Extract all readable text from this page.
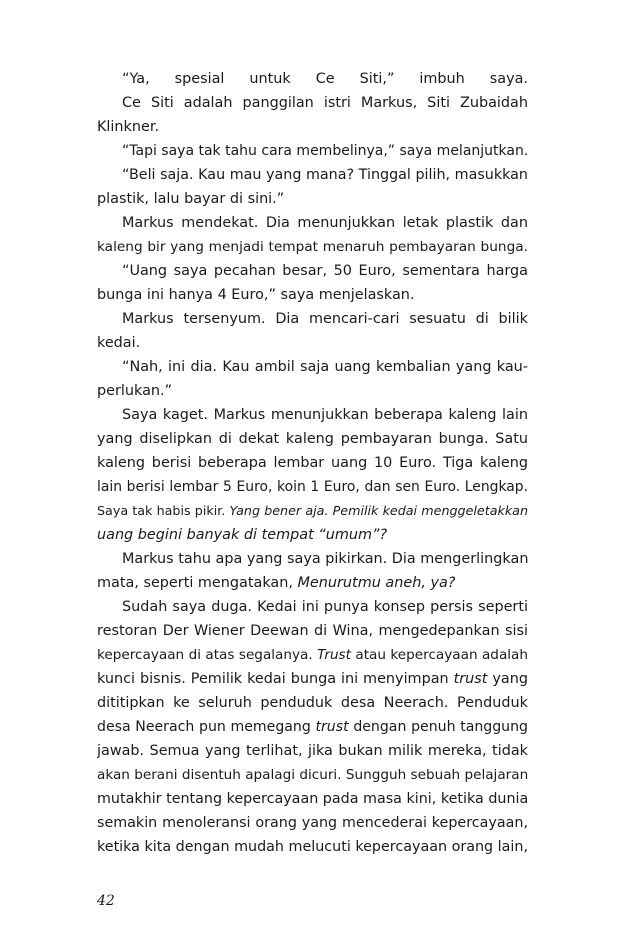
“Ya, spesial untuk Ce Siti,” imbuh saya.
Ce Siti adalah panggilan istri Markus, Siti Zubaidah
Klinkner.
“Tapi saya tak tahu cara membelinya,” saya melanjutkan.
“Beli saja. Kau mau yang mana? Tinggal pilih, masukkan
plastik, lalu bayar di sini.”
Markus mendekat. Dia menunjukkan letak plastik dan
kaleng bir yang menjadi tempat menaruh pembayaran bunga.
“Uang saya pecahan besar, 50 Euro, sementara harga
bunga ini hanya 4 Euro,” saya menjelaskan.
Markus tersenyum. Dia mencari-cari sesuatu di bilik
kedai.
“Nah, ini dia. Kau ambil saja uang kembalian yang kau-
perlukan.”
Saya kaget. Markus menunjukkan beberapa kaleng lain
yang diselipkan di dekat kaleng pembayaran bunga. Satu
kaleng berisi beberapa lembar uang 10 Euro. Tiga kaleng
lain berisi lembar 5 Euro, koin 1 Euro, dan sen Euro. Lengkap.
Saya tak habis pikir. Yang bener aja. Pemilik kedai menggeletakkan
uang begini banyak di tempat “umum”?
Markus tahu apa yang saya pikirkan. Dia mengerlingkan
mata, seperti mengatakan, Menurutmu aneh, ya?
Sudah saya duga. Kedai ini punya konsep persis seperti
restoran Der Wiener Deewan di Wina, mengedepankan sisi
kepercayaan di atas segalanya. Trust atau kepercayaan adalah
kunci bisnis. Pemilik kedai bunga ini menyimpan trust yang
dititipkan ke seluruh penduduk desa Neerach. Penduduk
desa Neerach pun memegang trust dengan penuh tanggung
jawab. Semua yang terlihat, jika bukan milik mereka, tidak
akan berani disentuh apalagi dicuri. Sungguh sebuah pelajaran
mutakhir tentang kepercayaan pada masa kini, ketika dunia
semakin menoleransi orang yang mencederai kepercayaan,
ketika kita dengan mudah melucuti kepercayaan orang lain,
42
